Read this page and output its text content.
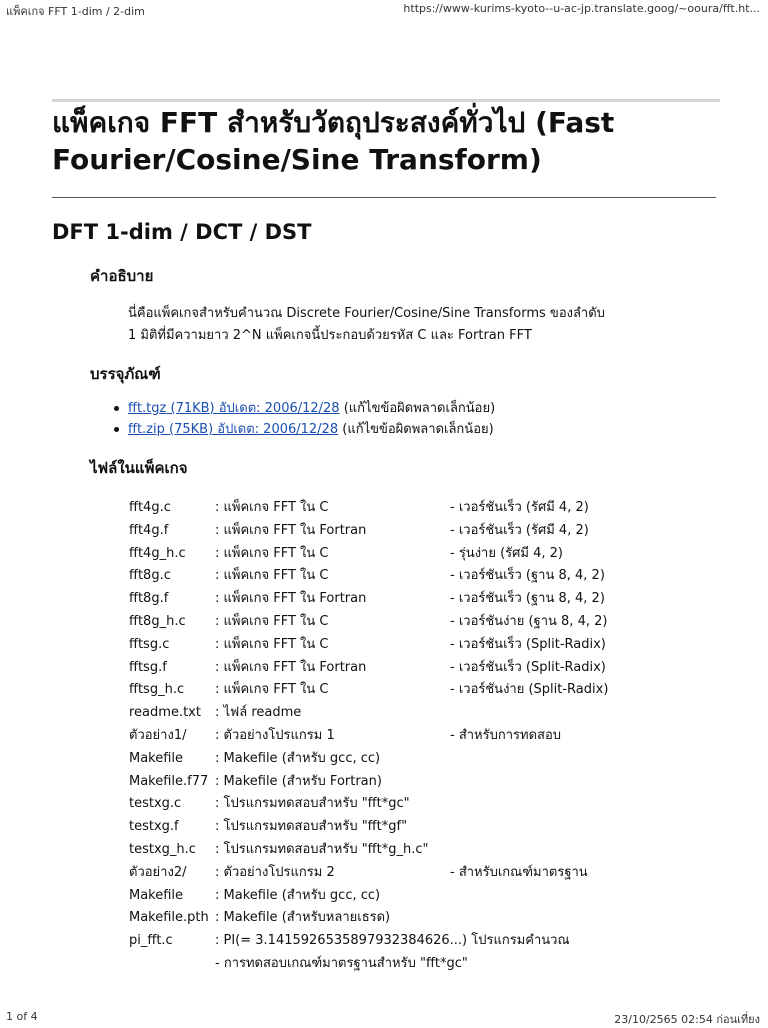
แพ็คเกจ FFT 1-dim / 2-dim	https://www-kurims-kyoto--u-ac-jp.translate.goog/~ooura/fft.ht...
แพ็คเกจ FFT สำหรับวัตถุประสงค์ทั่วไป (Fast Fourier/Cosine/Sine Transform)
DFT 1-dim / DCT / DST
คำอธิบาย
นี่คือแพ็คเกจสำหรับคำนวณ Discrete Fourier/Cosine/Sine Transforms ของลำดับ
1 มิติที่มีความยาว 2^N แพ็คเกจนี้ประกอบด้วยรหัส C และ Fortran FFT
บรรจุภัณฑ์
fft.tgz (71KB) อัปเดต: 2006/12/28 (แก้ไขข้อผิดพลาดเล็กน้อย)
fft.zip (75KB) อัปเดต: 2006/12/28 (แก้ไขข้อผิดพลาดเล็กน้อย)
ไฟล์ในแพ็คเกจ
fft4g.c	: แพ็คเกจ FFT ใน C	- เวอร์ชันเร็ว (รัศมี 4, 2)
fft4g.f	: แพ็คเกจ FFT ใน Fortran	- เวอร์ชันเร็ว (รัศมี 4, 2)
fft4g_h.c : แพ็คเกจ FFT ใน C	- รุ่นง่าย (รัศมี 4, 2)
fft8g.c	: แพ็คเกจ FFT ใน C	- เวอร์ชันเร็ว (ฐาน 8, 4, 2)
fft8g.f	: แพ็คเกจ FFT ใน Fortran	- เวอร์ชันเร็ว (ฐาน 8, 4, 2)
fft8g_h.c : แพ็คเกจ FFT ใน C	- เวอร์ชันง่าย (ฐาน 8, 4, 2)
fftsg.c	: แพ็คเกจ FFT ใน C	- เวอร์ชันเร็ว (Split-Radix)
fftsg.f	: แพ็คเกจ FFT ใน Fortran	- เวอร์ชันเร็ว (Split-Radix)
fftsg_h.c : แพ็คเกจ FFT ใน C	- เวอร์ชันง่าย (Split-Radix)
readme.txt : ไฟล์ readme
ตัวอย่าง1/ : ตัวอย่างโปรแกรม 1	- สำหรับการทดสอบ
Makefile : Makefile (สำหรับ gcc, cc)
Makefile.f77 : Makefile (สำหรับ Fortran)
testxg.c	: โปรแกรมทดสอบสำหรับ "fft*gc"
testxg.f	: โปรแกรมทดสอบสำหรับ "fft*gf"
testxg_h.c : โปรแกรมทดสอบสำหรับ "fft*g_h.c"
ตัวอย่าง2/ : ตัวอย่างโปรแกรม 2	- สำหรับเกณฑ์มาตรฐาน
Makefile : Makefile (สำหรับ gcc, cc)
Makefile.pth : Makefile (สำหรับหลายเธรด)
pi_fft.c	: PI(= 3.1415926535897932384626...) โปรแกรมคำนวณ
- การทดสอบเกณฑ์มาตรฐานสำหรับ "fft*gc"
1 of 4	23/10/2565 02:54 ก่อนเที่ยง
